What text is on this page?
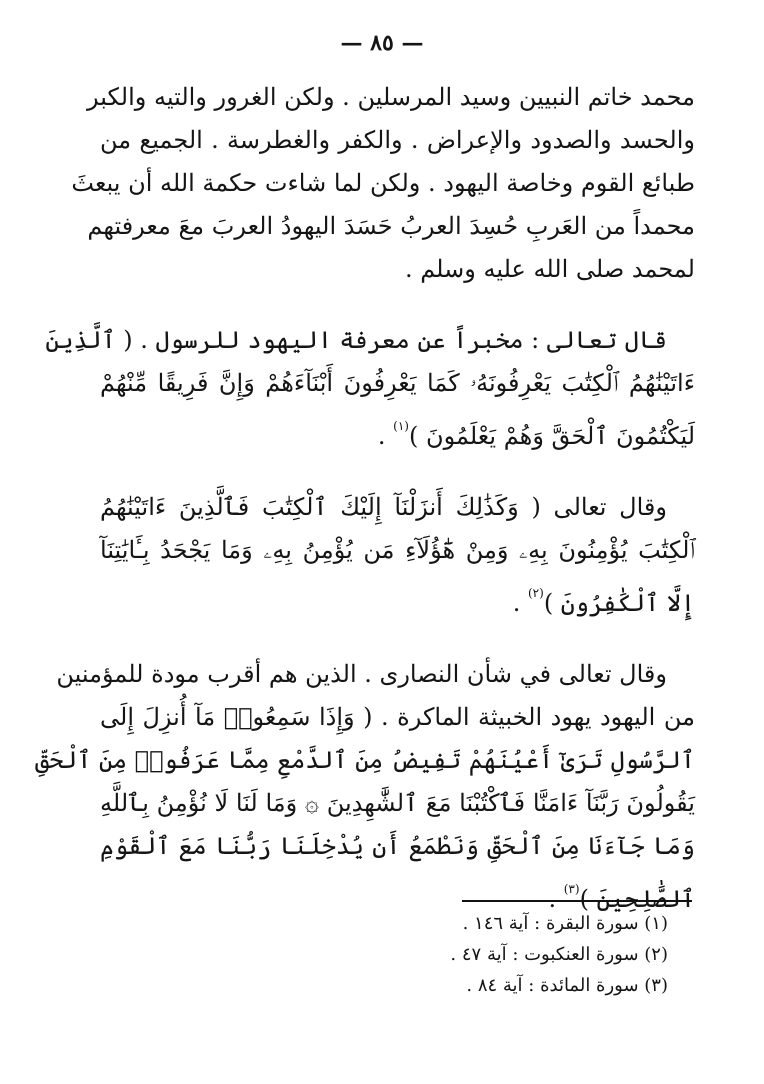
— ٨٥ —

محمد خاتم النبيين وسيد المرسلين . ولكن الغرور والتيه والكبر
والحسد والصدود والإعراض . والكفر والغطرسة . الجميع من
طبائع القوم وخاصة اليهود . ولكن لما شاءت حكمة الله أن يبعثَ
محمداً من العَربِ حُسِدَ العربُ حَسَدَ اليهودُ العربَ معَ معرفتهم
لمحمد صلى الله عليه وسلم .

قال تعالى : مخبراً عن معرفة اليهود للرسول . ( ٱلَّذِينَ
ءَاتَيْنَٰهُمُ ٱلْكِتَٰبَ يَعْرِفُونَهُۥ كَمَا يَعْرِفُونَ أَبْنَآءَهُمْ وَإِنَّ فَرِيقًا مِّنْهُمْ
لَيَكْتُمُونَ ٱلْحَقَّ وَهُمْ يَعْلَمُونَ )$^{(١)}$ .

وقال تعالى ( وَكَذَٰلِكَ أَنزَلْنَآ إِلَيْكَ ٱلْكِتَٰبَ فَٱلَّذِينَ ءَاتَيْنَٰهُمُ
ٱلْكِتَٰبَ يُؤْمِنُونَ بِهِۦ وَمِنْ هَٰٓؤُلَآءِ مَن يُؤْمِنُ بِهِۦ وَمَا يَجْحَدُ بِـَٔايَٰتِنَآ
إِلَّا ٱلْكَٰفِرُونَ )$^{(٢)}$ .

وقال تعالى في شأن النصارى . الذين هم أقرب مودة للمؤمنين
من اليهود يهود الخبيثة الماكرة . ( وَإِذَا سَمِعُوا۟ مَآ أُنزِلَ إِلَى
ٱلرَّسُولِ تَرَىٰٓ أَعْيُنَهُمْ تَفِيضُ مِنَ ٱلدَّمْعِ مِمَّا عَرَفُوا۟ مِنَ ٱلْحَقِّ
يَقُولُونَ رَبَّنَآ ءَامَنَّا فَٱكْتُبْنَا مَعَ ٱلشَّٰهِدِينَ ۞ وَمَا لَنَا لَا نُؤْمِنُ بِٱللَّهِ
وَمَا جَآءَنَا مِنَ ٱلْحَقِّ وَنَطْمَعُ أَن يُدْخِلَنَا رَبُّنَا مَعَ ٱلْقَوْمِ
ٱلصَّٰلِحِينَ )$^{(٣)}$ .

(١) سورة البقرة : آية ١٤٦ .
(٢) سورة العنكبوت : آية ٤٧ .
(٣) سورة المائدة : آية ٨٤ .
